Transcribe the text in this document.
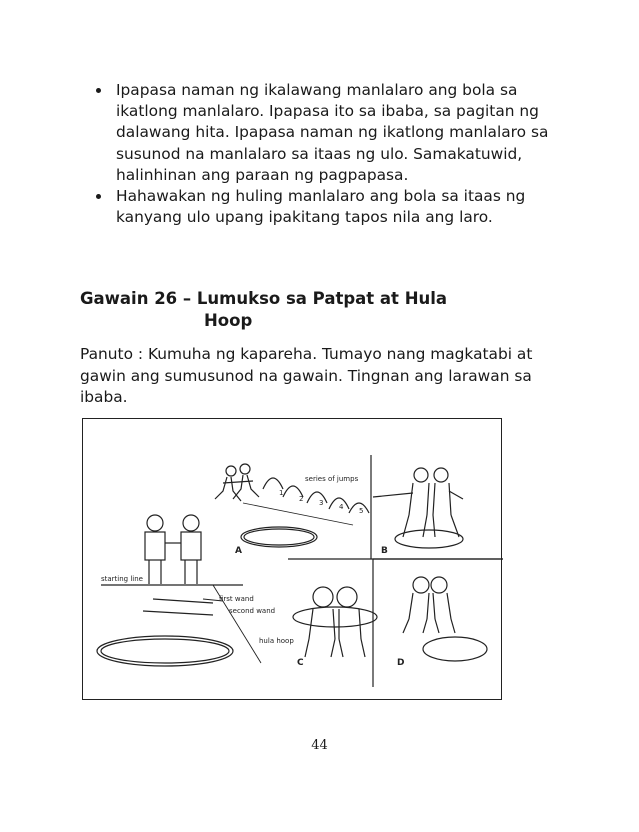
Ipapasa naman ng ikalawang manlalaro ang bola sa ikatlong manlalaro. Ipapasa ito sa ibaba, sa pagitan ng dalawang hita. Ipapasa naman ng ikatlong manlalaro sa susunod na manlalaro sa itaas ng ulo. Samakatuwid, halinhinan ang paraan ng pagpapasa.
Hahawakan ng huling manlalaro ang bola sa itaas ng kanyang ulo upang ipakitang tapos nila ang laro.
Gawain 26 – Lumukso sa Patpat at Hula
Hoop
Panuto : Kumuha ng kapareha. Tumayo nang magkatabi at gawin ang sumusunod na gawain. Tingnan ang larawan sa ibaba.
series of jumps
1
2 3 4 5
starting line
first wand
second wand
hula hoop
A	B
C	D
44
